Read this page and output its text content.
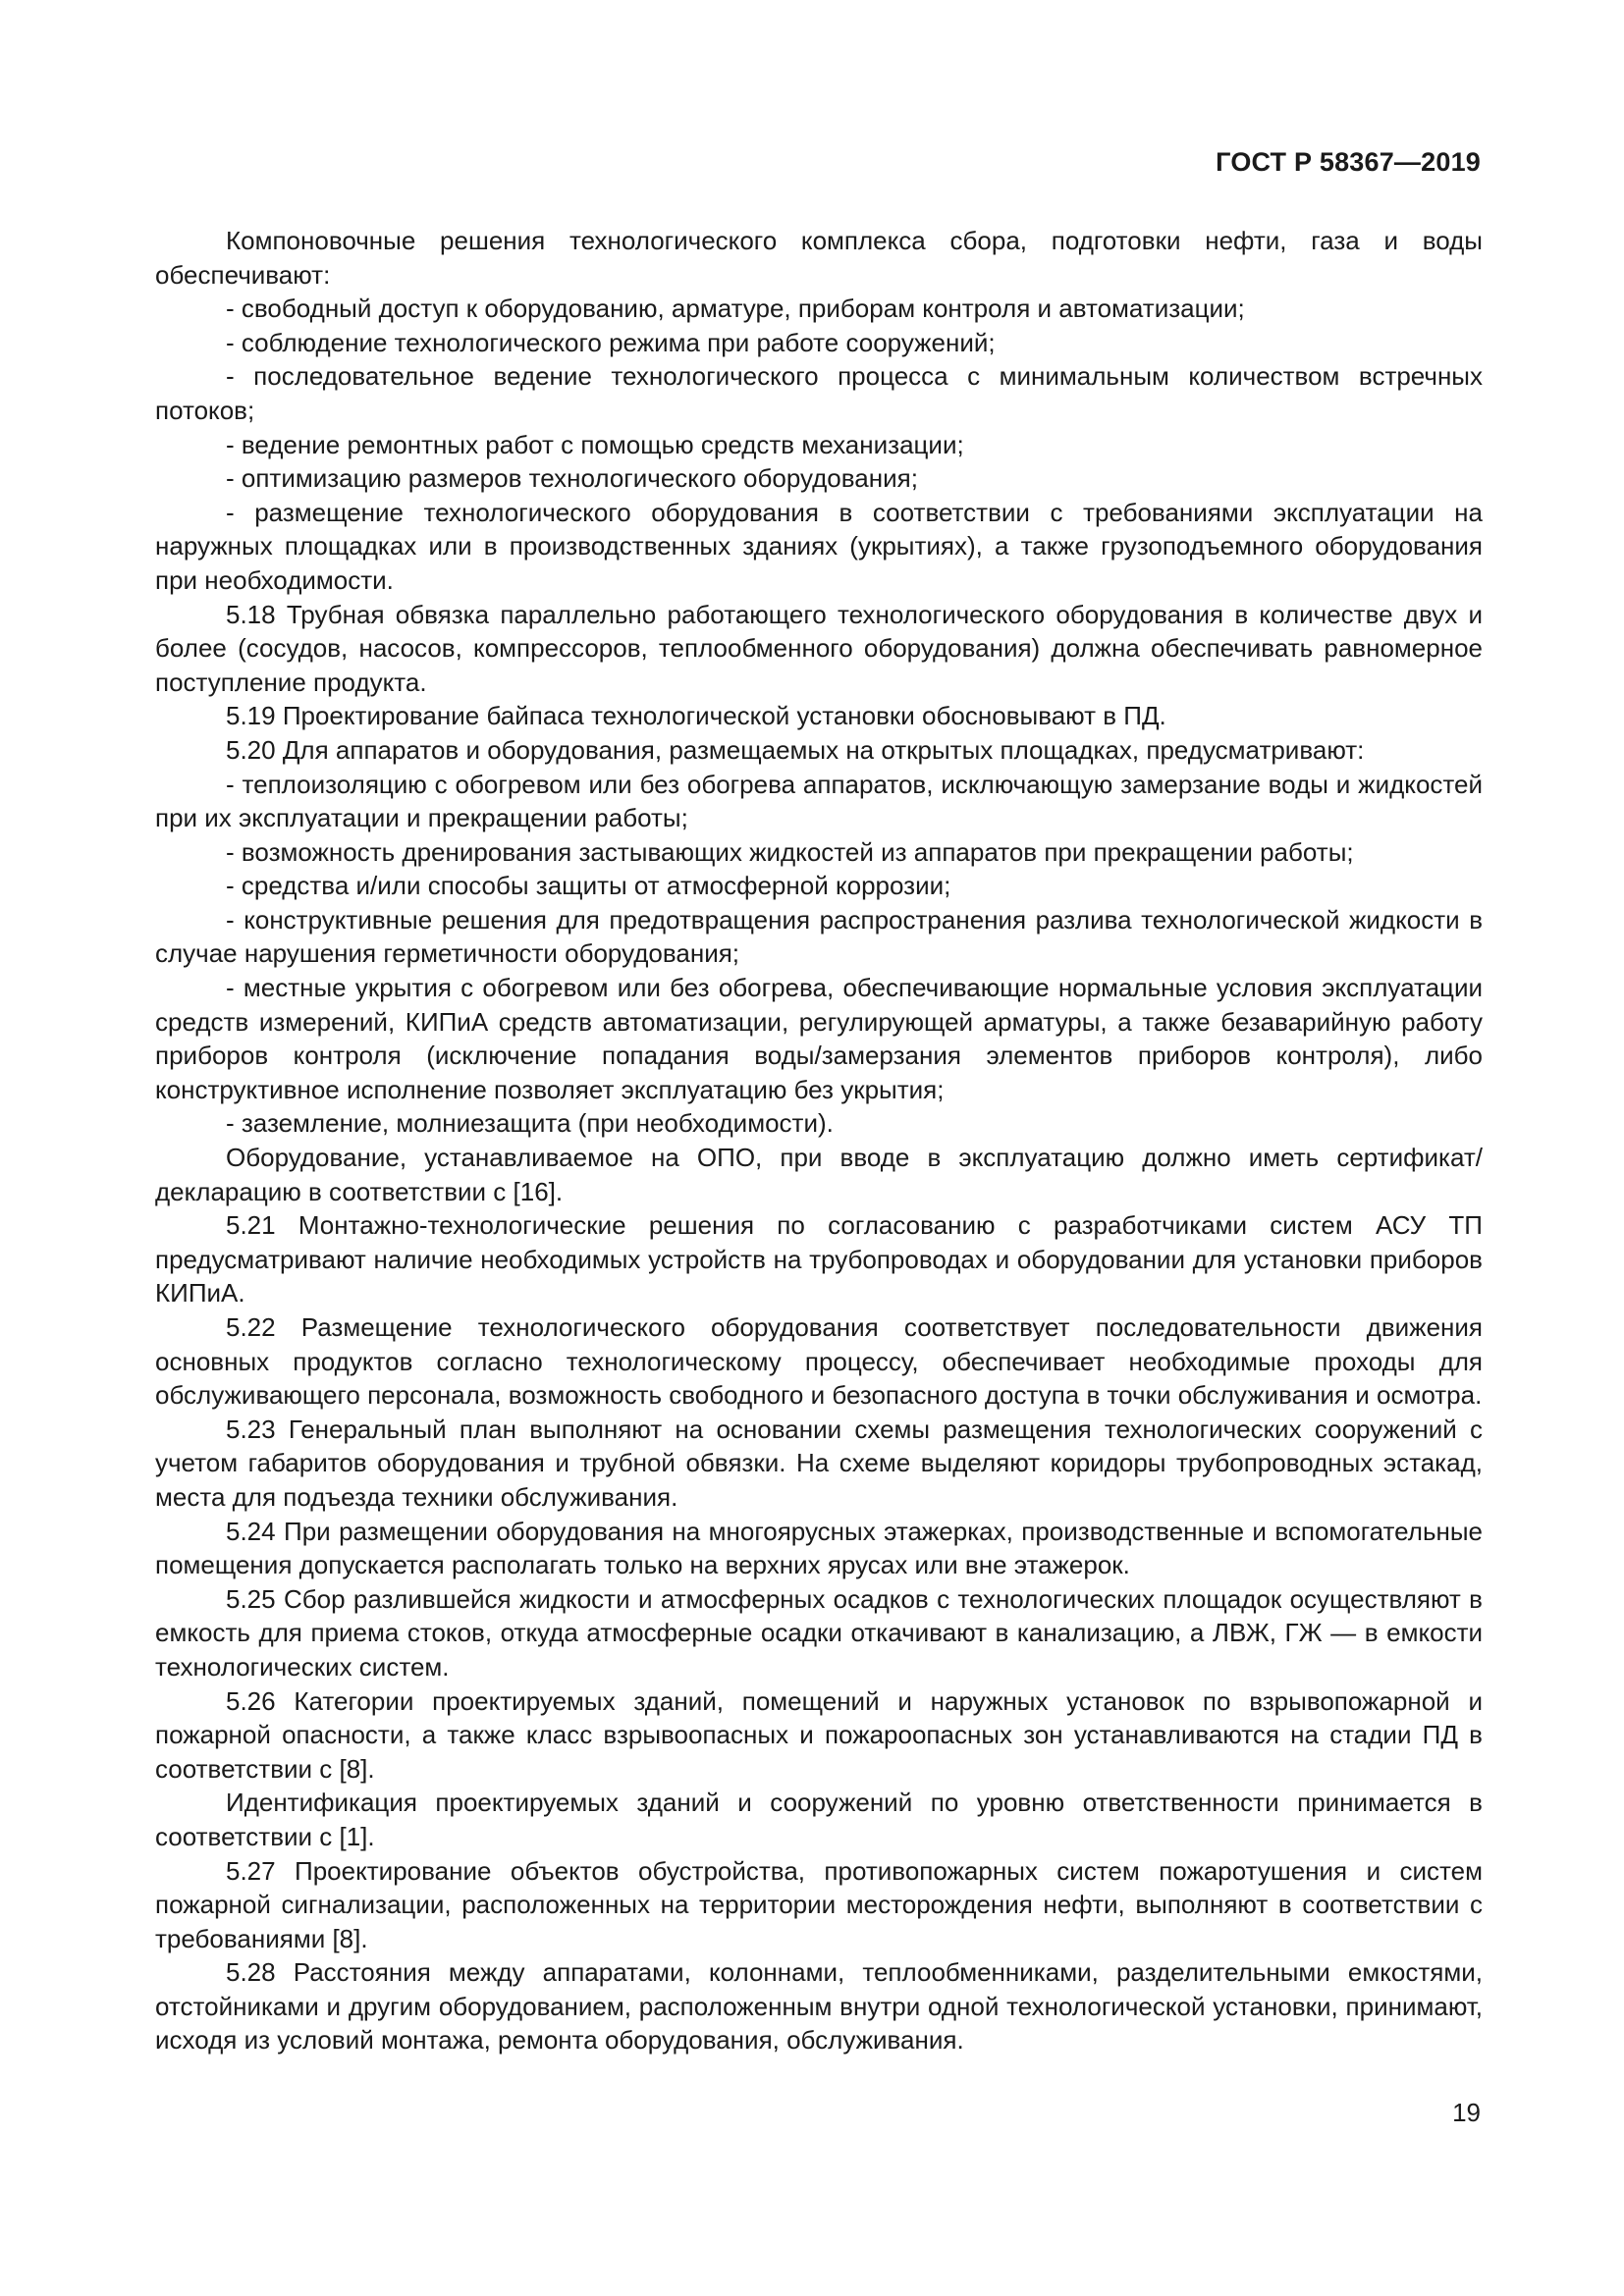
ГОСТ Р 58367—2019

Компоновочные решения технологического комплекса сбора, подготовки нефти, газа и воды обеспечивают:

- свободный доступ к оборудованию, арматуре, приборам контроля и автоматизации;

- соблюдение технологического режима при работе сооружений;

- последовательное ведение технологического процесса с минимальным количеством встречных потоков;

- ведение ремонтных работ с помощью средств механизации;

- оптимизацию размеров технологического оборудования;

- размещение технологического оборудования в соответствии с требованиями эксплуатации на наружных площадках или в производственных зданиях (укрытиях), а также грузоподъемного оборудования при необходимости.

5.18 Трубная обвязка параллельно работающего технологического оборудования в количестве двух и более (сосудов, насосов, компрессоров, теплообменного оборудования) должна обеспечивать равномерное поступление продукта.

5.19 Проектирование байпаса технологической установки обосновывают в ПД.

5.20 Для аппаратов и оборудования, размещаемых на открытых площадках, предусматривают:

- теплоизоляцию с обогревом или без обогрева аппаратов, исключающую замерзание воды и жидкостей при их эксплуатации и прекращении работы;

- возможность дренирования застывающих жидкостей из аппаратов при прекращении работы;

- средства и/или способы защиты от атмосферной коррозии;

- конструктивные решения для предотвращения распространения разлива технологической жидкости в случае нарушения герметичности оборудования;

- местные укрытия с обогревом или без обогрева, обеспечивающие нормальные условия эксплуатации средств измерений, КИПиА средств автоматизации, регулирующей арматуры, а также безаварийную работу приборов контроля (исключение попадания воды/замерзания элементов приборов контроля), либо конструктивное исполнение позволяет эксплуатацию без укрытия;

- заземление, молниезащита (при необходимости).

Оборудование, устанавливаемое на ОПО, при вводе в эксплуатацию должно иметь сертификат/декларацию в соответствии с [16].

5.21 Монтажно-технологические решения по согласованию с разработчиками систем АСУ ТП предусматривают наличие необходимых устройств на трубопроводах и оборудовании для установки приборов КИПиА.

5.22 Размещение технологического оборудования соответствует последовательности движения основных продуктов согласно технологическому процессу, обеспечивает необходимые проходы для обслуживающего персонала, возможность свободного и безопасного доступа в точки обслуживания и осмотра.

5.23 Генеральный план выполняют на основании схемы размещения технологических сооружений с учетом габаритов оборудования и трубной обвязки. На схеме выделяют коридоры трубопроводных эстакад, места для подъезда техники обслуживания.

5.24 При размещении оборудования на многоярусных этажерках, производственные и вспомогательные помещения допускается располагать только на верхних ярусах или вне этажерок.

5.25 Сбор разлившейся жидкости и атмосферных осадков с технологических площадок осуществляют в емкость для приема стоков, откуда атмосферные осадки откачивают в канализацию, а ЛВЖ, ГЖ — в емкости технологических систем.

5.26 Категории проектируемых зданий, помещений и наружных установок по взрывопожарной и пожарной опасности, а также класс взрывоопасных и пожароопасных зон устанавливаются на стадии ПД в соответствии с [8].

Идентификация проектируемых зданий и сооружений по уровню ответственности принимается в соответствии с [1].

5.27 Проектирование объектов обустройства, противопожарных систем пожаротушения и систем пожарной сигнализации, расположенных на территории месторождения нефти, выполняют в соответствии с требованиями [8].

5.28 Расстояния между аппаратами, колоннами, теплообменниками, разделительными емкостями, отстойниками и другим оборудованием, расположенным внутри одной технологической установки, принимают, исходя из условий монтажа, ремонта оборудования, обслуживания.

19
